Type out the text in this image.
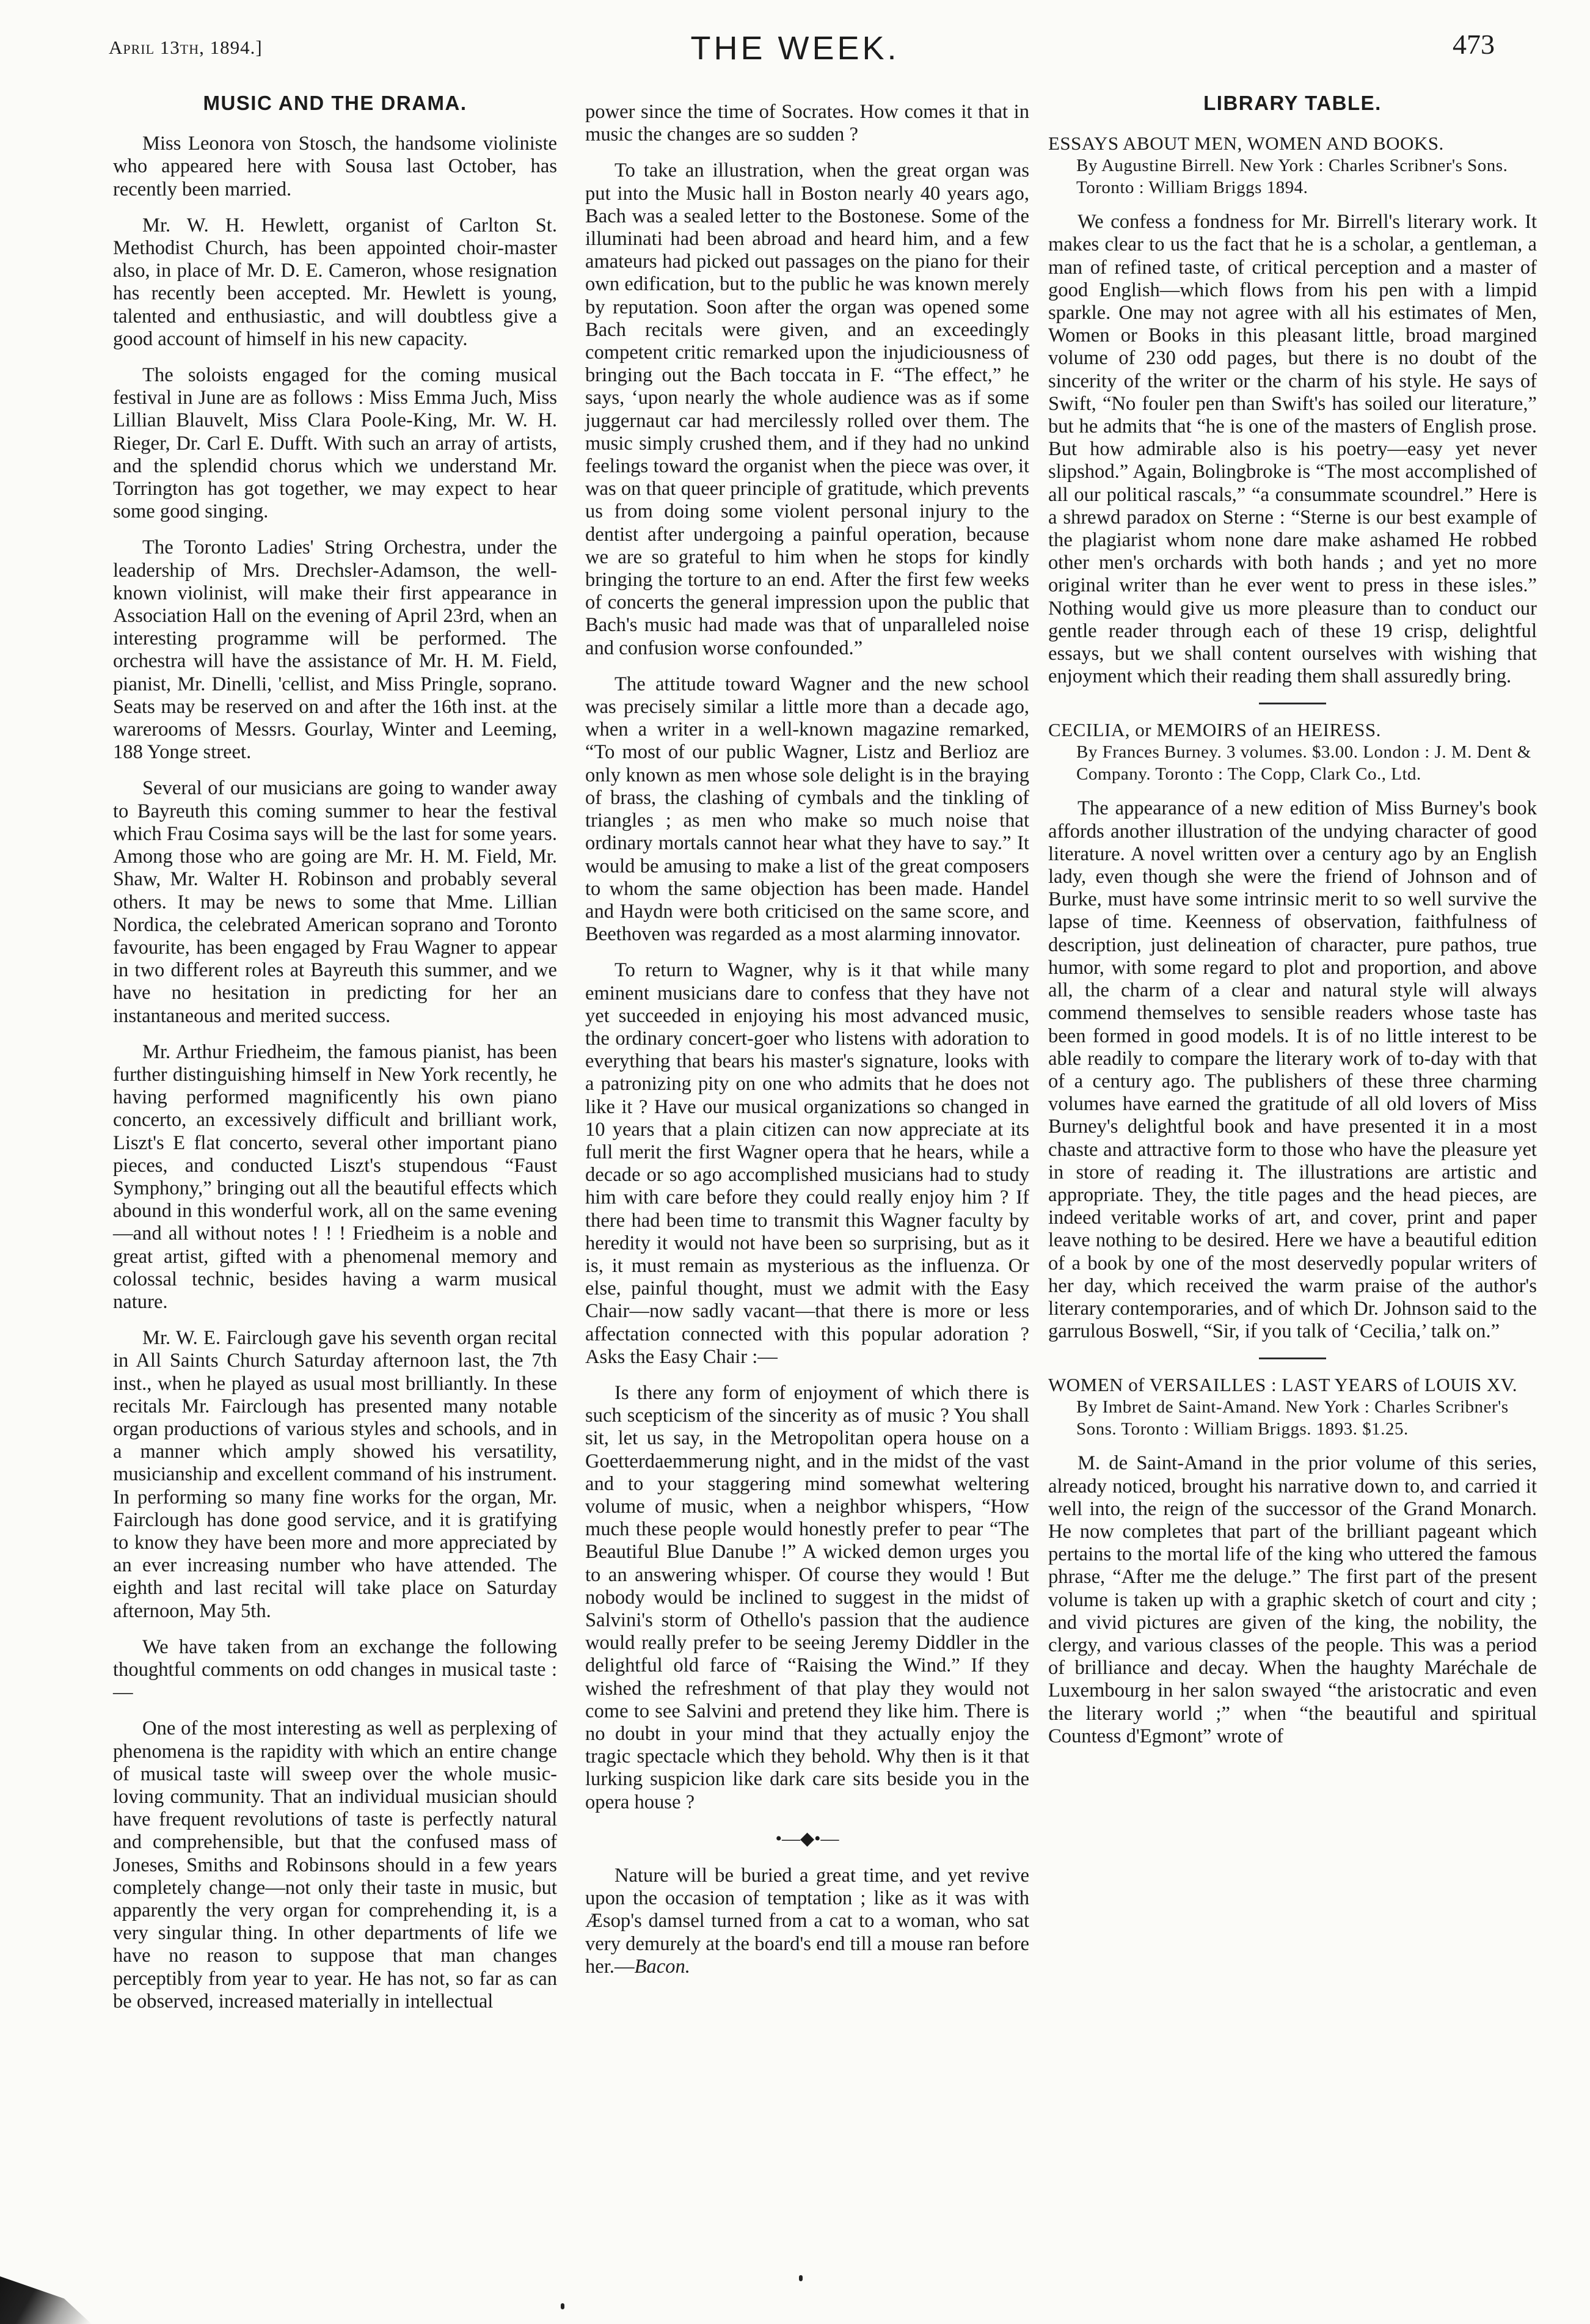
April 13th, 1894.]	THE WEEK.	473
MUSIC AND THE DRAMA.

Miss Leonora von Stosch, the handsome violiniste who appeared here with Sousa last October, has recently been married.

Mr. W. H. Hewlett, organist of Carlton St. Methodist Church, has been appointed choir-master also, in place of Mr. D. E. Cameron, whose resignation has recently been accepted. Mr. Hewlett is young, talented and enthusiastic, and will doubtless give a good account of himself in his new capacity.

The soloists engaged for the coming musical festival in June are as follows : Miss Emma Juch, Miss Lillian Blauvelt, Miss Clara Poole-King, Mr. W. H. Rieger, Dr. Carl E. Dufft. With such an array of artists, and the splendid chorus which we understand Mr. Torrington has got together, we may expect to hear some good singing.

The Toronto Ladies' String Orchestra, under the leadership of Mrs. Drechsler-Adamson, the well-known violinist, will make their first appearance in Association Hall on the evening of April 23rd, when an interesting programme will be performed. The orchestra will have the assistance of Mr. H. M. Field, pianist, Mr. Dinelli, 'cellist, and Miss Pringle, soprano. Seats may be reserved on and after the 16th inst. at the warerooms of Messrs. Gourlay, Winter and Leeming, 188 Yonge street.

Several of our musicians are going to wander away to Bayreuth this coming summer to hear the festival which Frau Cosima says will be the last for some years. Among those who are going are Mr. H. M. Field, Mr. Shaw, Mr. Walter H. Robinson and probably several others. It may be news to some that Mme. Lillian Nordica, the celebrated American soprano and Toronto favourite, has been engaged by Frau Wagner to appear in two different roles at Bayreuth this summer, and we have no hesitation in predicting for her an instantaneous and merited success.

Mr. Arthur Friedheim, the famous pianist, has been further distinguishing himself in New York recently, he having performed magnificently his own piano concerto, an excessively difficult and brilliant work, Liszt's E flat concerto, several other important piano pieces, and conducted Liszt's stupendous “Faust Symphony,” bringing out all the beautiful effects which abound in this wonderful work, all on the same evening—and all without notes ! ! ! Friedheim is a noble and great artist, gifted with a phenomenal memory and colossal technic, besides having a warm musical nature.

Mr. W. E. Fairclough gave his seventh organ recital in All Saints Church Saturday afternoon last, the 7th inst., when he played as usual most brilliantly. In these recitals Mr. Fairclough has presented many notable organ productions of various styles and schools, and in a manner which amply showed his versatility, musicianship and excellent command of his instrument. In performing so many fine works for the organ, Mr. Fairclough has done good service, and it is gratifying to know they have been more and more appreciated by an ever increasing number who have attended. The eighth and last recital will take place on Saturday afternoon, May 5th.

We have taken from an exchange the following thoughtful comments on odd changes in musical taste :—

One of the most interesting as well as perplexing of phenomena is the rapidity with which an entire change of musical taste will sweep over the whole music-loving community. That an individual musician should have frequent revolutions of taste is perfectly natural and comprehensible, but that the confused mass of Joneses, Smiths and Robinsons should in a few years completely change—not only their taste in music, but apparently the very organ for comprehending it, is a very singular thing. In other departments of life we have no reason to suppose that man changes perceptibly from year to year. He has not, so far as can be observed, increased materially in intellectual

power since the time of Socrates. How comes it that in music the changes are so sudden ?

To take an illustration, when the great organ was put into the Music hall in Boston nearly 40 years ago, Bach was a sealed letter to the Bostonese. Some of the illuminati had been abroad and heard him, and a few amateurs had picked out passages on the piano for their own edification, but to the public he was known merely by reputation. Soon after the organ was opened some Bach recitals were given, and an exceedingly competent critic remarked upon the injudiciousness of bringing out the Bach toccata in F. “The effect,” he says, ‘upon nearly the whole audience was as if some juggernaut car had mercilessly rolled over them. The music simply crushed them, and if they had no unkind feelings toward the organist when the piece was over, it was on that queer principle of gratitude, which prevents us from doing some violent personal injury to the dentist after undergoing a painful operation, because we are so grateful to him when he stops for kindly bringing the torture to an end. After the first few weeks of concerts the general impression upon the public that Bach's music had made was that of unparalleled noise and confusion worse confounded.”

The attitude toward Wagner and the new school was precisely similar a little more than a decade ago, when a writer in a well-known magazine remarked, “To most of our public Wagner, Listz and Berlioz are only known as men whose sole delight is in the braying of brass, the clashing of cymbals and the tinkling of triangles ; as men who make so much noise that ordinary mortals cannot hear what they have to say.” It would be amusing to make a list of the great composers to whom the same objection has been made. Handel and Haydn were both criticised on the same score, and Beethoven was regarded as a most alarming innovator.

To return to Wagner, why is it that while many eminent musicians dare to confess that they have not yet succeeded in enjoying his most advanced music, the ordinary concert-goer who listens with adoration to everything that bears his master's signature, looks with a patronizing pity on one who admits that he does not like it ? Have our musical organizations so changed in 10 years that a plain citizen can now appreciate at its full merit the first Wagner opera that he hears, while a decade or so ago accomplished musicians had to study him with care before they could really enjoy him ? If there had been time to transmit this Wagner faculty by heredity it would not have been so surprising, but as it is, it must remain as mysterious as the influenza. Or else, painful thought, must we admit with the Easy Chair—now sadly vacant—that there is more or less affectation connected with this popular adoration ? Asks the Easy Chair :—

Is there any form of enjoyment of which there is such scepticism of the sincerity as of music ? You shall sit, let us say, in the Metropolitan opera house on a Goetterdaemmerung night, and in the midst of the vast and to your staggering mind somewhat weltering volume of music, when a neighbor whispers, “How much these people would honestly prefer to pear “The Beautiful Blue Danube !” A wicked demon urges you to an answering whisper. Of course they would ! But nobody would be inclined to suggest in the midst of Salvini's storm of Othello's passion that the audience would really prefer to be seeing Jeremy Diddler in the delightful old farce of “Raising the Wind.” If they wished the refreshment of that play they would not come to see Salvini and pretend they like him. There is no doubt in your mind that they actually enjoy the tragic spectacle which they behold. Why then is it that lurking suspicion like dark care sits beside you in the opera house ?

•—◆•—

Nature will be buried a great time, and yet revive upon the occasion of temptation ; like as it was with Æsop's damsel turned from a cat to a woman, who sat very demurely at the board's end till a mouse ran before her.—Bacon.

LIBRARY TABLE.
ESSAYS ABOUT MEN, WOMEN AND BOOKS.
By Augustine Birrell. New York : Charles Scribner's Sons. Toronto : William Briggs 1894.

We confess a fondness for Mr. Birrell's literary work. It makes clear to us the fact that he is a scholar, a gentleman, a man of refined taste, of critical perception and a master of good English—which flows from his pen with a limpid sparkle. One may not agree with all his estimates of Men, Women or Books in this pleasant little, broad margined volume of 230 odd pages, but there is no doubt of the sincerity of the writer or the charm of his style. He says of Swift, “No fouler pen than Swift's has soiled our literature,” but he admits that “he is one of the masters of English prose. But how admirable also is his poetry—easy yet never slipshod.” Again, Bolingbroke is “The most accomplished of all our political rascals,” “a consummate scoundrel.” Here is a shrewd paradox on Sterne : “Sterne is our best example of the plagiarist whom none dare make ashamed He robbed other men's orchards with both hands ; and yet no more original writer than he ever went to press in these isles.” Nothing would give us more pleasure than to conduct our gentle reader through each of these 19 crisp, delightful essays, but we shall content ourselves with wishing that enjoyment which their reading them shall assuredly bring.

CECILIA, or MEMOIRS of an HEIRESS.
By Frances Burney. 3 volumes. $3.00. London : J. M. Dent & Company. Toronto : The Copp, Clark Co., Ltd.

The appearance of a new edition of Miss Burney's book affords another illustration of the undying character of good literature. A novel written over a century ago by an English lady, even though she were the friend of Johnson and of Burke, must have some intrinsic merit to so well survive the lapse of time. Keenness of observation, faithfulness of description, just delineation of character, pure pathos, true humor, with some regard to plot and proportion, and above all, the charm of a clear and natural style will always commend themselves to sensible readers whose taste has been formed in good models. It is of no little interest to be able readily to compare the literary work of to-day with that of a century ago. The publishers of these three charming volumes have earned the gratitude of all old lovers of Miss Burney's delightful book and have presented it in a most chaste and attractive form to those who have the pleasure yet in store of reading it. The illustrations are artistic and appropriate. They, the title pages and the head pieces, are indeed veritable works of art, and cover, print and paper leave nothing to be desired. Here we have a beautiful edition of a book by one of the most deservedly popular writers of her day, which received the warm praise of the author's literary contemporaries, and of which Dr. Johnson said to the garrulous Boswell, “Sir, if you talk of ‘Cecilia,’ talk on.”

WOMEN of VERSAILLES : LAST YEARS of LOUIS XV.
By Imbret de Saint-Amand. New York : Charles Scribner's Sons. Toronto : William Briggs. 1893. $1.25.

M. de Saint-Amand in the prior volume of this series, already noticed, brought his narrative down to, and carried it well into, the reign of the successor of the Grand Monarch. He now completes that part of the brilliant pageant which pertains to the mortal life of the king who uttered the famous phrase, “After me the deluge.” The first part of the present volume is taken up with a graphic sketch of court and city ; and vivid pictures are given of the king, the nobility, the clergy, and various classes of the people. This was a period of brilliance and decay. When the haughty Maréchale de Luxembourg in her salon swayed “the aristocratic and even the literary world ;” when “the beautiful and spiritual Countess d'Egmont” wrote of
